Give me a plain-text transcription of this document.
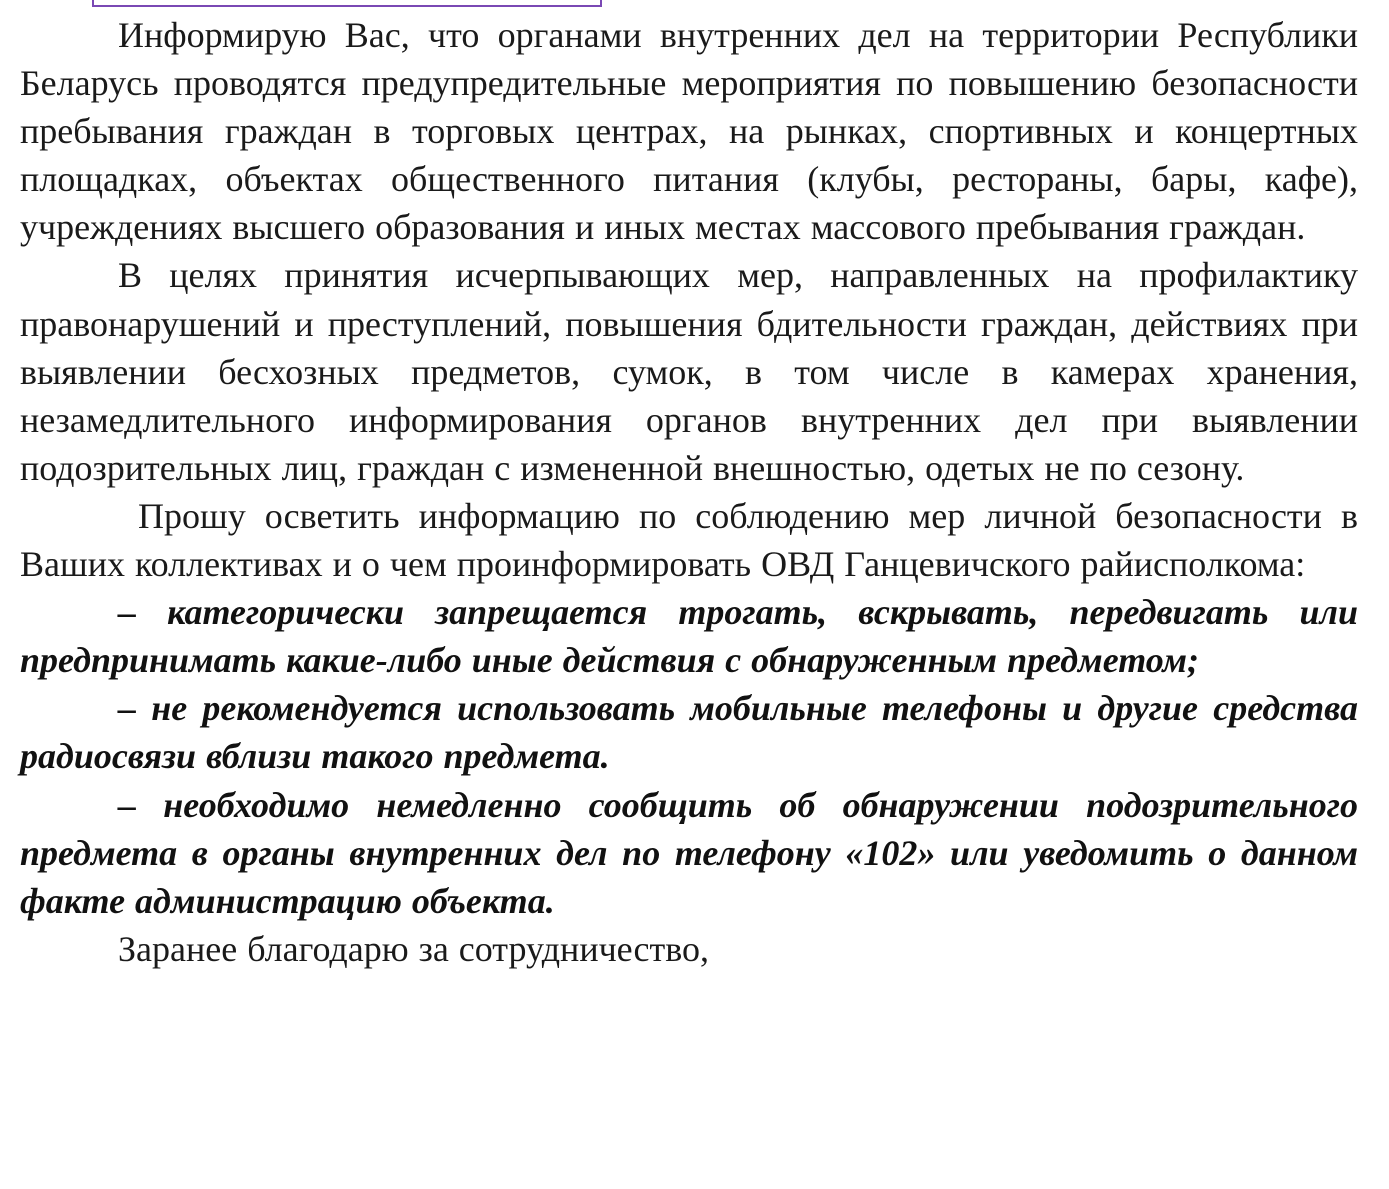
Информирую Вас, что органами внутренних дел на территории Республики Беларусь проводятся предупредительные мероприятия по повышению безопасности пребывания граждан в торговых центрах, на рынках, спортивных и концертных площадках, объектах общественного питания (клубы, рестораны, бары, кафе), учреждениях высшего образования и иных местах массового пребывания граждан.

В целях принятия исчерпывающих мер, направленных на профилактику правонарушений и преступлений, повышения бдительности граждан, действиях при выявлении бесхозных предметов, сумок, в том числе в камерах хранения, незамедлительного информирования органов внутренних дел при выявлении подозрительных лиц, граждан с измененной внешностью, одетых не по сезону.

Прошу осветить информацию по соблюдению мер личной безопасности в Ваших коллективах и о чем проинформировать ОВД Ганцевичского райисполкома:

– категорически запрещается трогать, вскрывать, передвигать или предпринимать какие-либо иные действия с обнаруженным предметом;

– не рекомендуется использовать мобильные телефоны и другие средства радиосвязи вблизи такого предмета.

– необходимо немедленно сообщить об обнаружении подозрительного предмета в органы внутренних дел по телефону «102» или уведомить о данном факте администрацию объекта.

Заранее благодарю за сотрудничество,
